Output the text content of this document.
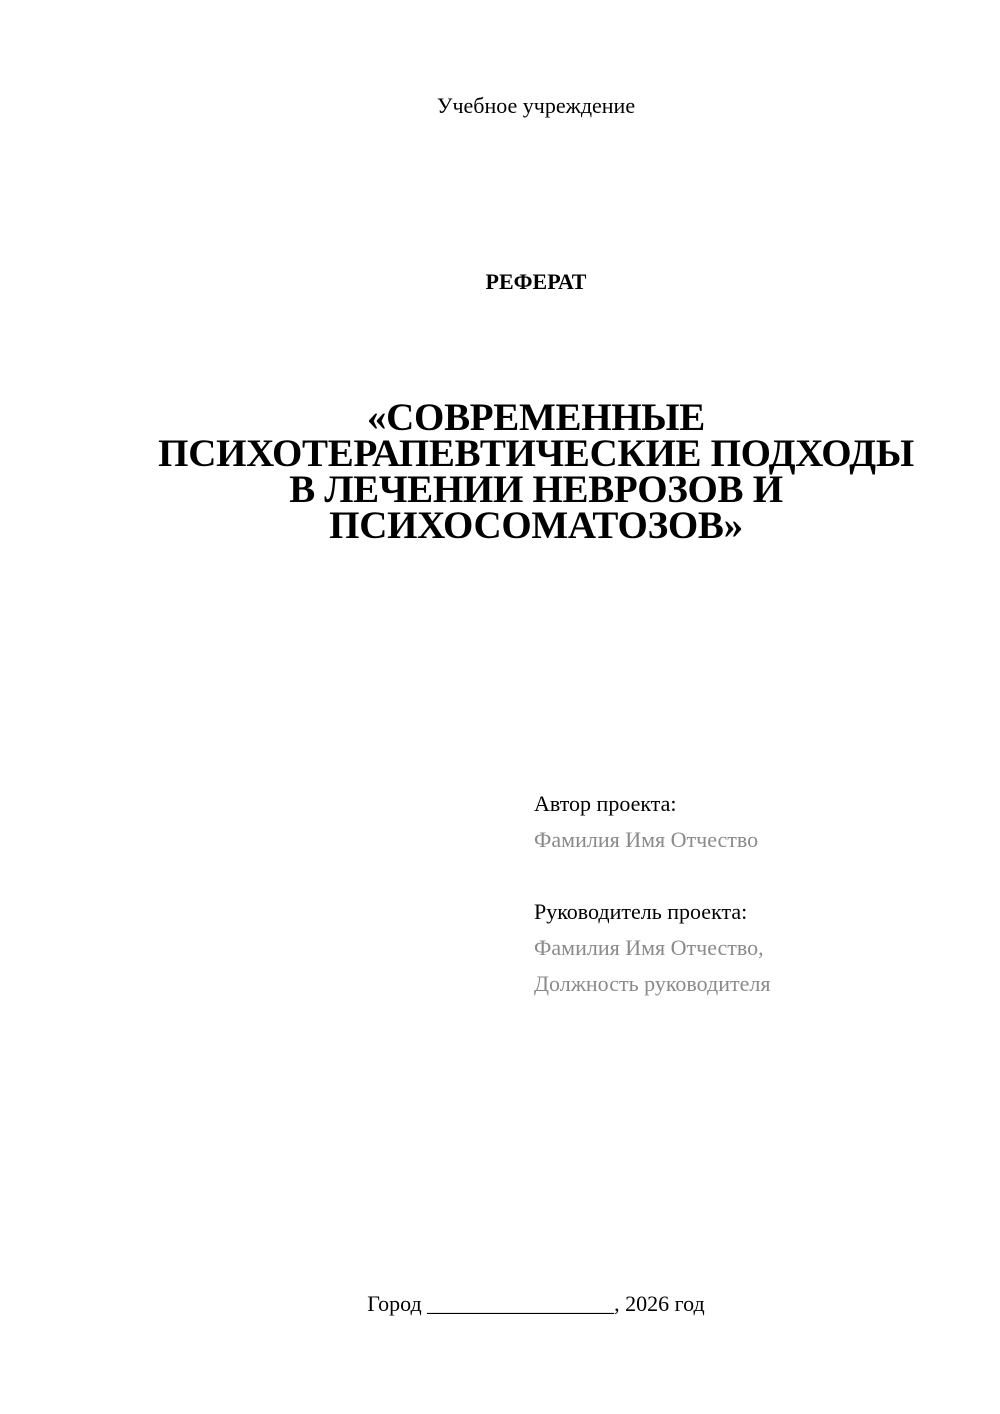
Учебное учреждение
РЕФЕРАТ
«СОВРЕМЕННЫЕ
ПСИХОТЕРАПЕВТИЧЕСКИЕ ПОДХОДЫ
В ЛЕЧЕНИИ НЕВРОЗОВ И
ПСИХОСОМАТОЗОВ»
Автор проекта:
Фамилия Имя Отчество
Руководитель проекта:
Фамилия Имя Отчество,
Должность руководителя
Город _________________, 2026 год
